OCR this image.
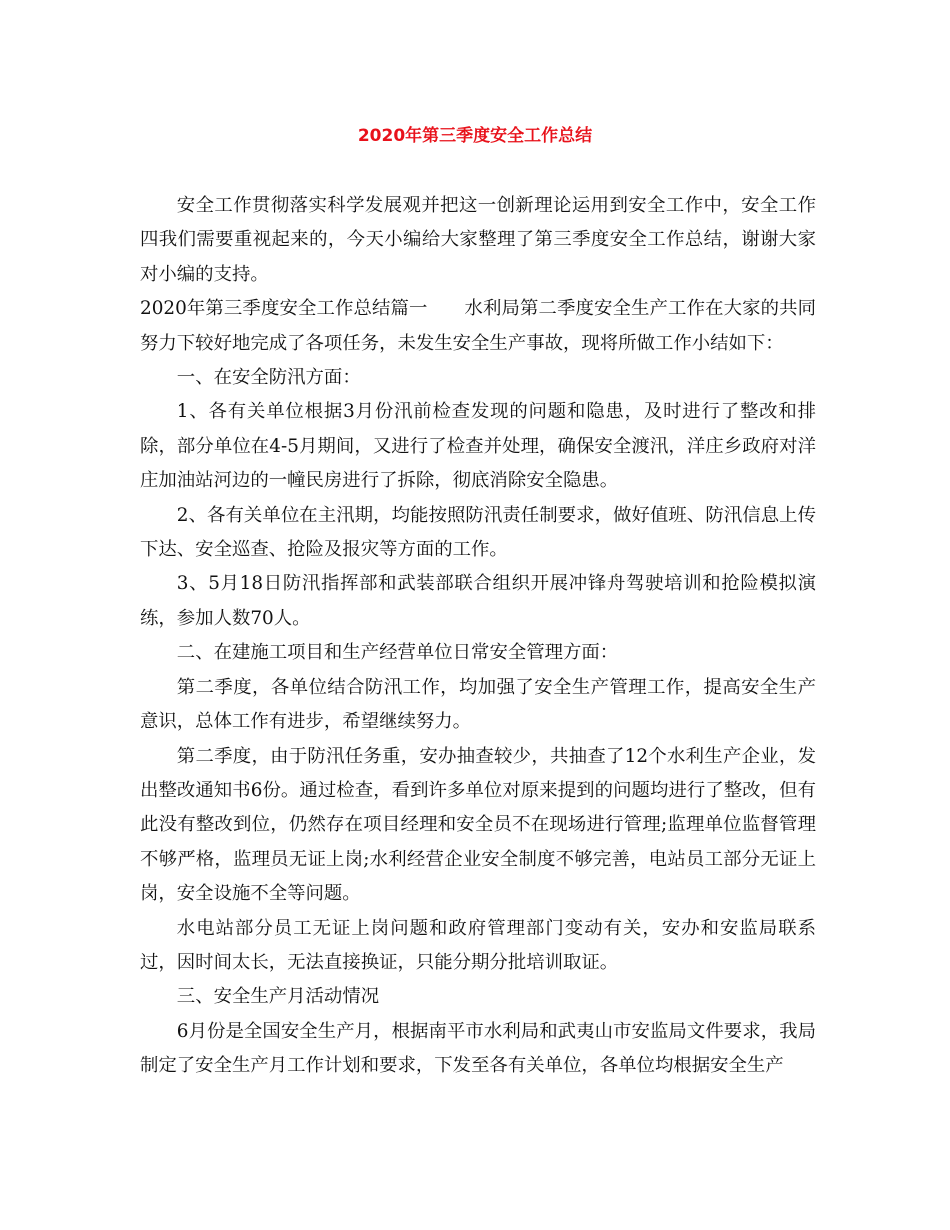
2020年第三季度安全工作总结

安全工作贯彻落实科学发展观并把这一创新理论运用到安全工作中，安全工作四我们需要重视起来的，今天小编给大家整理了第三季度安全工作总结，谢谢大家对小编的支持。

2020年第三季度安全工作总结篇一　　水利局第二季度安全生产工作在大家的共同努力下较好地完成了各项任务，未发生安全生产事故，现将所做工作小结如下：

一、在安全防汛方面：

1、各有关单位根据3月份汛前检查发现的问题和隐患，及时进行了整改和排除，部分单位在4-5月期间，又进行了检查并处理，确保安全渡汛，洋庄乡政府对洋庄加油站河边的一幢民房进行了拆除，彻底消除安全隐患。

2、各有关单位在主汛期，均能按照防汛责任制要求，做好值班、防汛信息上传下达、安全巡查、抢险及报灾等方面的工作。

3、5月18日防汛指挥部和武装部联合组织开展冲锋舟驾驶培训和抢险模拟演练，参加人数70人。

二、在建施工项目和生产经营单位日常安全管理方面：

第二季度，各单位结合防汛工作，均加强了安全生产管理工作，提高安全生产意识，总体工作有进步，希望继续努力。

第二季度，由于防汛任务重，安办抽查较少，共抽查了12个水利生产企业，发出整改通知书6份。通过检查，看到许多单位对原来提到的问题均进行了整改，但有此没有整改到位，仍然存在项目经理和安全员不在现场进行管理;监理单位监督管理不够严格，监理员无证上岗;水利经营企业安全制度不够完善，电站员工部分无证上岗，安全设施不全等问题。

水电站部分员工无证上岗问题和政府管理部门变动有关，安办和安监局联系过，因时间太长，无法直接换证，只能分期分批培训取证。

三、安全生产月活动情况

6月份是全国安全生产月，根据南平市水利局和武夷山市安监局文件要求，我局制定了安全生产月工作计划和要求，下发至各有关单位，各单位均根据安全生产
